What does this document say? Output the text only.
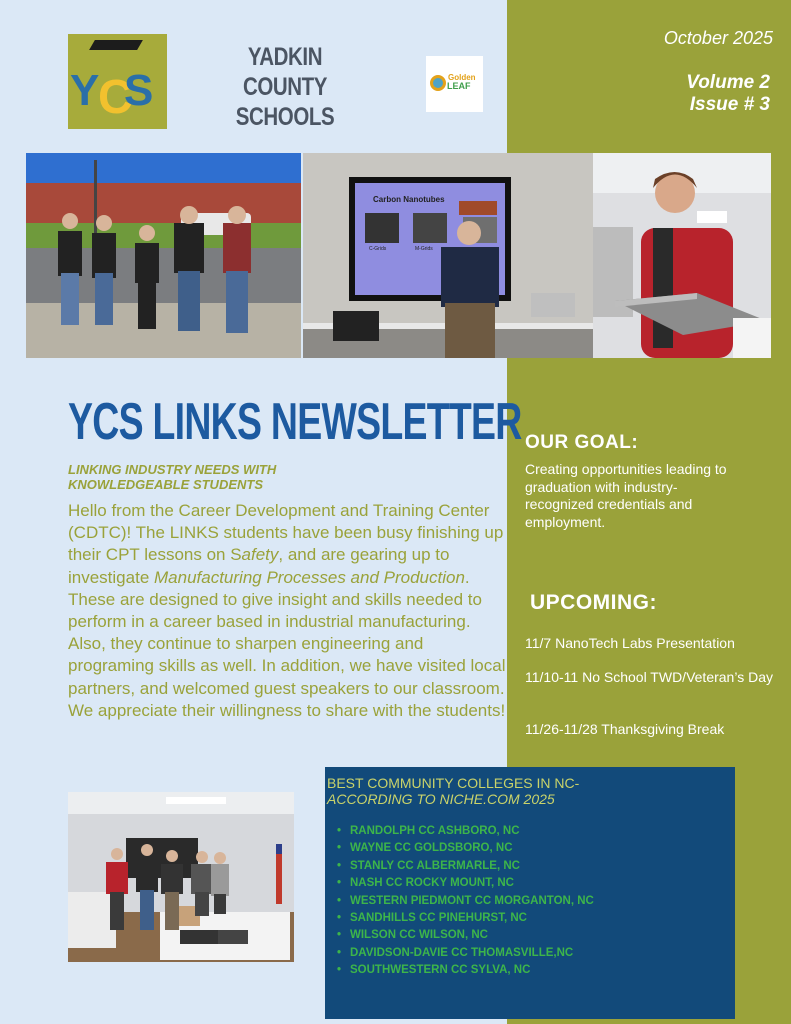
Y
C
S
YADKIN COUNTY SCHOOLS
Golden
LEAF
October 2025
Volume 2
Issue # 3
Carbon Nanotubes
C-Grids	M-Grids
YCS LINKS NEWSLETTER
LINKING INDUSTRY NEEDS WITH KNOWLEDGEABLE STUDENTS
Hello from the Career Development and Training Center (CDTC)! The LINKS students have been busy finishing up their CPT lessons on Safety, and are gearing up to investigate Manufacturing Processes and Production. These are designed to give insight and skills needed to perform in a career based in industrial manufacturing. Also, they continue to sharpen engineering and programing skills as well. In addition, we have visited local partners, and welcomed guest speakers to our classroom. We appreciate their willingness to share with the students!
OUR GOAL:
Creating opportunities leading to graduation with industry-recognized credentials and employment.
UPCOMING:
11/7 NanoTech Labs Presentation
11/10-11 No School TWD/Veteran’s Day
11/26-11/28 Thanksgiving Break
BEST COMMUNITY COLLEGES IN NC-
ACCORDING TO NICHE.COM 2025
• RANDOLPH CC ASHBORO, NC
• WAYNE CC GOLDSBORO, NC
• STANLY CC ALBERMARLE, NC
• NASH CC ROCKY MOUNT, NC
• WESTERN PIEDMONT CC MORGANTON, NC
• SANDHILLS CC PINEHURST, NC
• WILSON CC WILSON, NC
• DAVIDSON-DAVIE CC THOMASVILLE,NC
• SOUTHWESTERN CC SYLVA, NC
